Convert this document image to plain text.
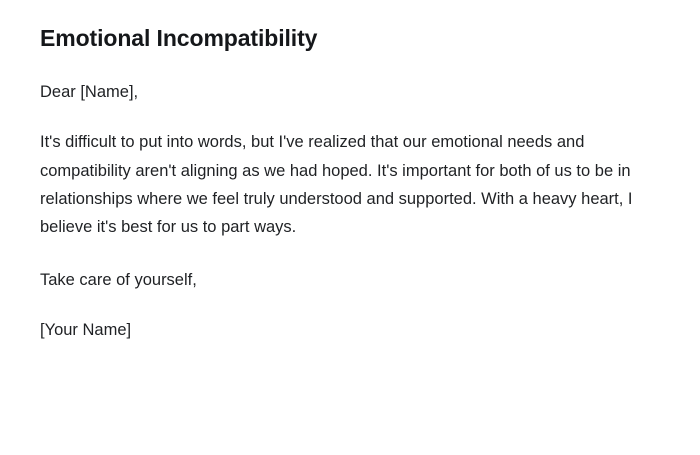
Emotional Incompatibility

Dear [Name],

It's difficult to put into words, but I've realized that our emotional needs and compatibility aren't aligning as we had hoped. It's important for both of us to be in relationships where we feel truly understood and supported. With a heavy heart, I believe it's best for us to part ways.

Take care of yourself,

[Your Name]
